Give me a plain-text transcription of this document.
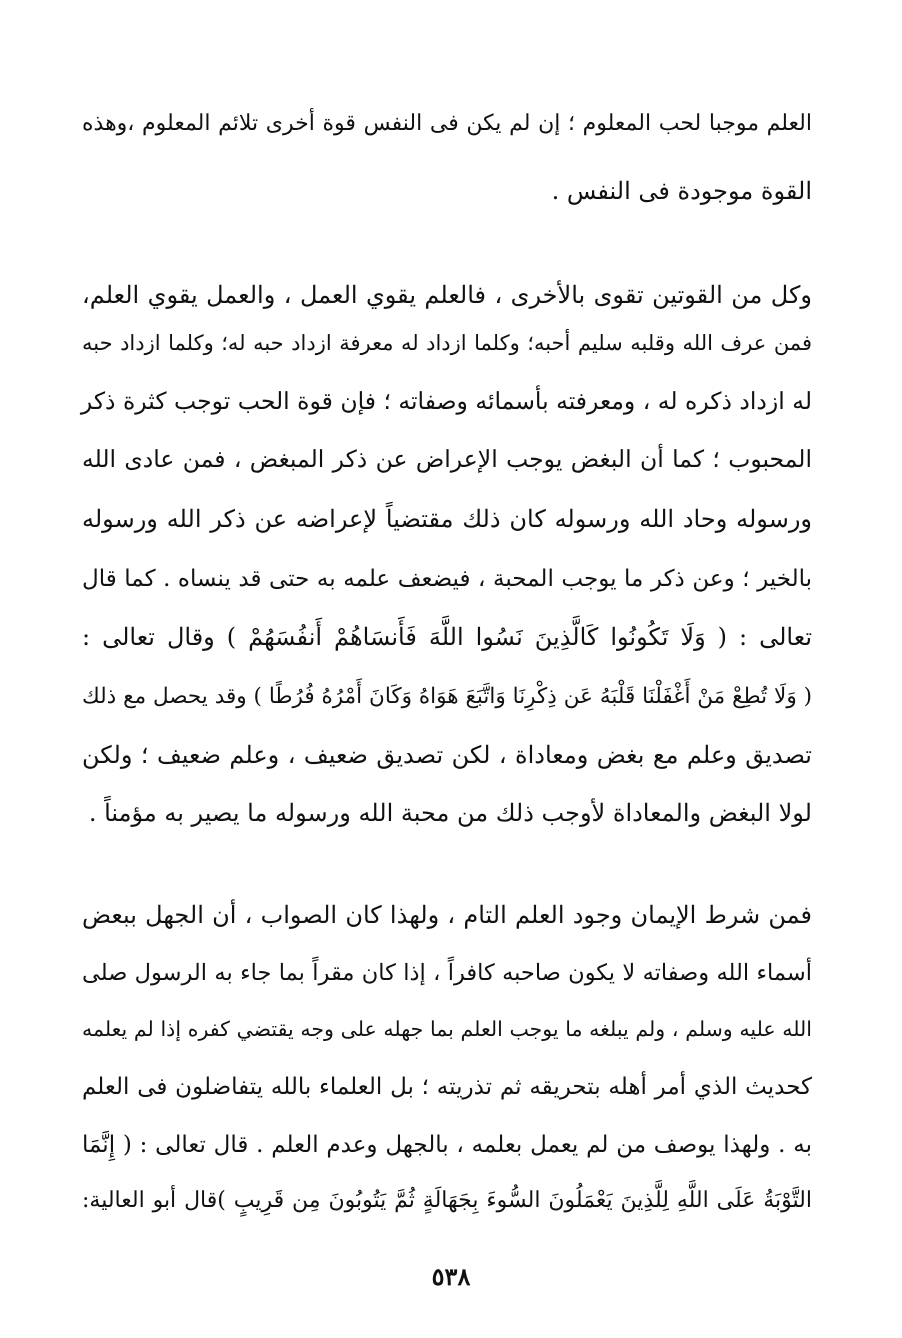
العلم موجبا لحب المعلوم ؛ إن لم يكن فى النفس قوة أخرى تلائم المعلوم ،وهذه
القوة موجودة فى النفس .
وكل من القوتين تقوى بالأخرى ، فالعلم يقوي العمل ، والعمل يقوي العلم،
فمن عرف الله وقلبه سليم أحبه؛ وكلما ازداد له معرفة ازداد حبه له؛ وكلما ازداد حبه
له ازداد ذكره له ، ومعرفته بأسمائه وصفاته ؛ فإن قوة الحب توجب كثرة ذكر
المحبوب ؛ كما أن البغض يوجب الإعراض عن ذكر المبغض ، فمن عادى الله
ورسوله وحاد الله ورسوله كان ذلك مقتضياً لإعراضه عن ذكر الله ورسوله
بالخير ؛ وعن ذكر ما يوجب المحبة ، فيضعف علمه به حتى قد ينساه . كما قال
تعالى : ( وَلَا تَكُونُوا كَالَّذِينَ نَسُوا اللَّهَ فَأَنسَاهُمْ أَنفُسَهُمْ ) وقال تعالى :
( وَلَا تُطِعْ مَنْ أَغْفَلْنَا قَلْبَهُ عَن ذِكْرِنَا وَاتَّبَعَ هَوَاهُ وَكَانَ أَمْرُهُ فُرُطًا ) وقد يحصل مع ذلك
تصديق وعلم مع بغض ومعاداة ، لكن تصديق ضعيف ، وعلم ضعيف ؛ ولكن
لولا البغض والمعاداة لأوجب ذلك من محبة الله ورسوله ما يصير به مؤمناً .
فمن شرط الإيمان وجود العلم التام ، ولهذا كان الصواب ، أن الجهل ببعض
أسماء الله وصفاته لا يكون صاحبه كافراً ، إذا كان مقراً بما جاء به الرسول صلى
الله عليه وسلم ، ولم يبلغه ما يوجب العلم بما جهله على وجه يقتضي كفره إذا لم يعلمه
كحديث الذي أمر أهله بتحريقه ثم تذريته ؛ بل العلماء بالله يتفاضلون فى العلم
به . ولهذا يوصف من لم يعمل بعلمه ، بالجهل وعدم العلم . قال تعالى : ( إِنَّمَا
التَّوْبَةُ عَلَى اللَّهِ لِلَّذِينَ يَعْمَلُونَ السُّوءَ بِجَهَالَةٍ ثُمَّ يَتُوبُونَ مِن قَرِيبٍ )قال أبو العالية:
٥٣٨
